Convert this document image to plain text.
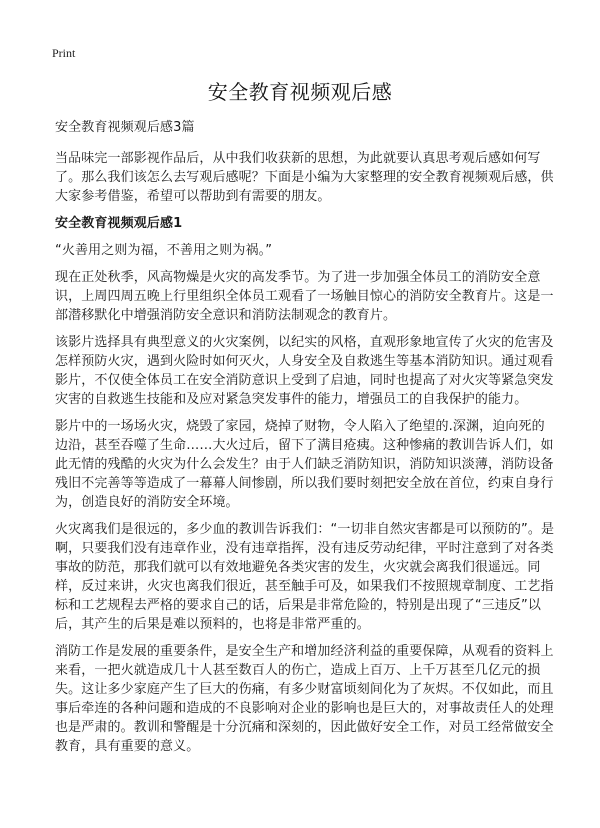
Print
安全教育视频观后感

安全教育视频观后感3篇

当品味完一部影视作品后，从中我们收获新的思想，为此就要认真思考观后感如何写了。那么我们该怎么去写观后感呢？下面是小编为大家整理的安全教育视频观后感，供大家参考借鉴，希望可以帮助到有需要的朋友。

安全教育视频观后感1

“火善用之则为福，不善用之则为祸。”

现在正处秋季，风高物燥是火灾的高发季节。为了进一步加强全体员工的消防安全意识，上周四周五晚上行里组织全体员工观看了一场触目惊心的消防安全教育片。这是一部潜移默化中增强消防安全意识和消防法制观念的教育片。

该影片选择具有典型意义的火灾案例，以纪实的风格，直观形象地宣传了火灾的危害及怎样预防火灾，遇到火险时如何灭火，人身安全及自救逃生等基本消防知识。通过观看影片，不仅使全体员工在安全消防意识上受到了启迪，同时也提高了对火灾等紧急突发灾害的自救逃生技能和及应对紧急突发事件的能力，增强员工的自我保护的能力。

影片中的一场场火灾，烧毁了家园，烧掉了财物，令人陷入了绝望的.深渊，迫向死的边沿，甚至吞噬了生命……大火过后，留下了满目疮痍。这种惨痛的教训告诉人们，如此无情的残酷的火灾为什么会发生？由于人们缺乏消防知识，消防知识淡薄，消防设备残旧不完善等等造成了一幕幕人间惨剧，所以我们要时刻把安全放在首位，约束自身行为，创造良好的消防安全环境。

火灾离我们是很远的，多少血的教训告诉我们：“一切非自然灾害都是可以预防的”。是啊，只要我们没有违章作业，没有违章指挥，没有违反劳动纪律，平时注意到了对各类事故的防范，那我们就可以有效地避免各类灾害的发生，火灾就会离我们很遥远。同样，反过来讲，火灾也离我们很近，甚至触手可及，如果我们不按照规章制度、工艺指标和工艺规程去严格的要求自己的话，后果是非常危险的，特别是出现了“三违反”以后，其产生的后果是难以预料的，也将是非常严重的。

消防工作是发展的重要条件，是安全生产和增加经济利益的重要保障，从观看的资料上来看，一把火就造成几十人甚至数百人的伤亡，造成上百万、上千万甚至几亿元的损失。这让多少家庭产生了巨大的伤痛，有多少财富顷刻间化为了灰烬。不仅如此，而且事后牵连的各种问题和造成的不良影响对企业的影响也是巨大的，对事故责任人的处理也是严肃的。教训和警醒是十分沉痛和深刻的，因此做好安全工作，对员工经常做安全教育，具有重要的意义。
